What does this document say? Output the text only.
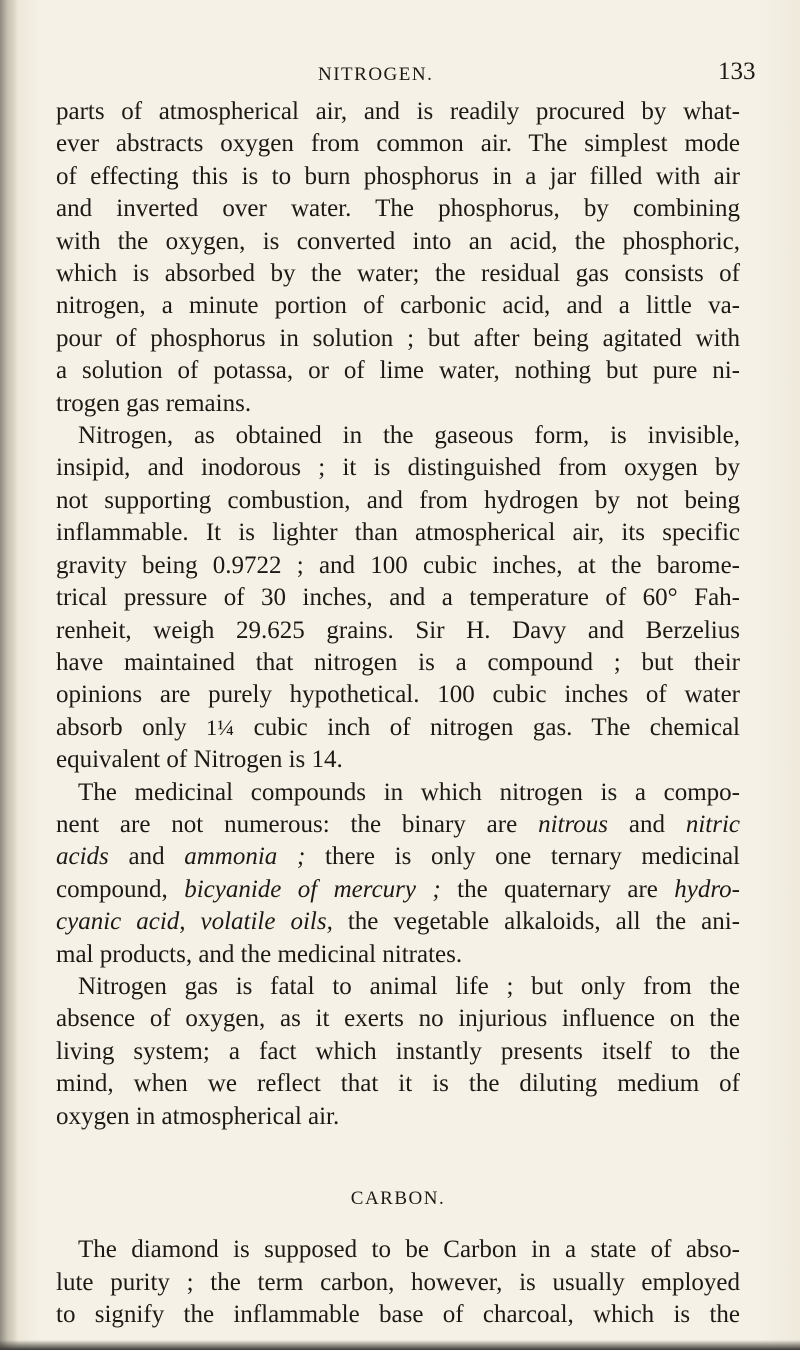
NITROGEN.	133

parts of atmospherical air, and is readily procured by what-
ever abstracts oxygen from common air. The simplest mode
of effecting this is to burn phosphorus in a jar filled with air
and inverted over water. The phosphorus, by combining
with the oxygen, is converted into an acid, the phosphoric,
which is absorbed by the water; the residual gas consists of
nitrogen, a minute portion of carbonic acid, and a little va-
pour of phosphorus in solution ; but after being agitated with
a solution of potassa, or of lime water, nothing but pure ni-
trogen gas remains.

Nitrogen, as obtained in the gaseous form, is invisible,
insipid, and inodorous ; it is distinguished from oxygen by
not supporting combustion, and from hydrogen by not being
inflammable. It is lighter than atmospherical air, its specific
gravity being 0.9722 ; and 100 cubic inches, at the barome-
trical pressure of 30 inches, and a temperature of 60° Fah-
renheit, weigh 29.625 grains. Sir H. Davy and Berzelius
have maintained that nitrogen is a compound ; but their
opinions are purely hypothetical. 100 cubic inches of water
absorb only 1¼ cubic inch of nitrogen gas. The chemical
equivalent of Nitrogen is 14.

The medicinal compounds in which nitrogen is a compo-
nent are not numerous: the binary are nitrous and nitric
acids and ammonia ; there is only one ternary medicinal
compound, bicyanide of mercury ; the quaternary are hydro-
cyanic acid, volatile oils, the vegetable alkaloids, all the ani-
mal products, and the medicinal nitrates.

Nitrogen gas is fatal to animal life ; but only from the
absence of oxygen, as it exerts no injurious influence on the
living system; a fact which instantly presents itself to the
mind, when we reflect that it is the diluting medium of
oxygen in atmospherical air.

CARBON.

The diamond is supposed to be Carbon in a state of abso-
lute purity ; the term carbon, however, is usually employed
to signify the inflammable base of charcoal, which is the
